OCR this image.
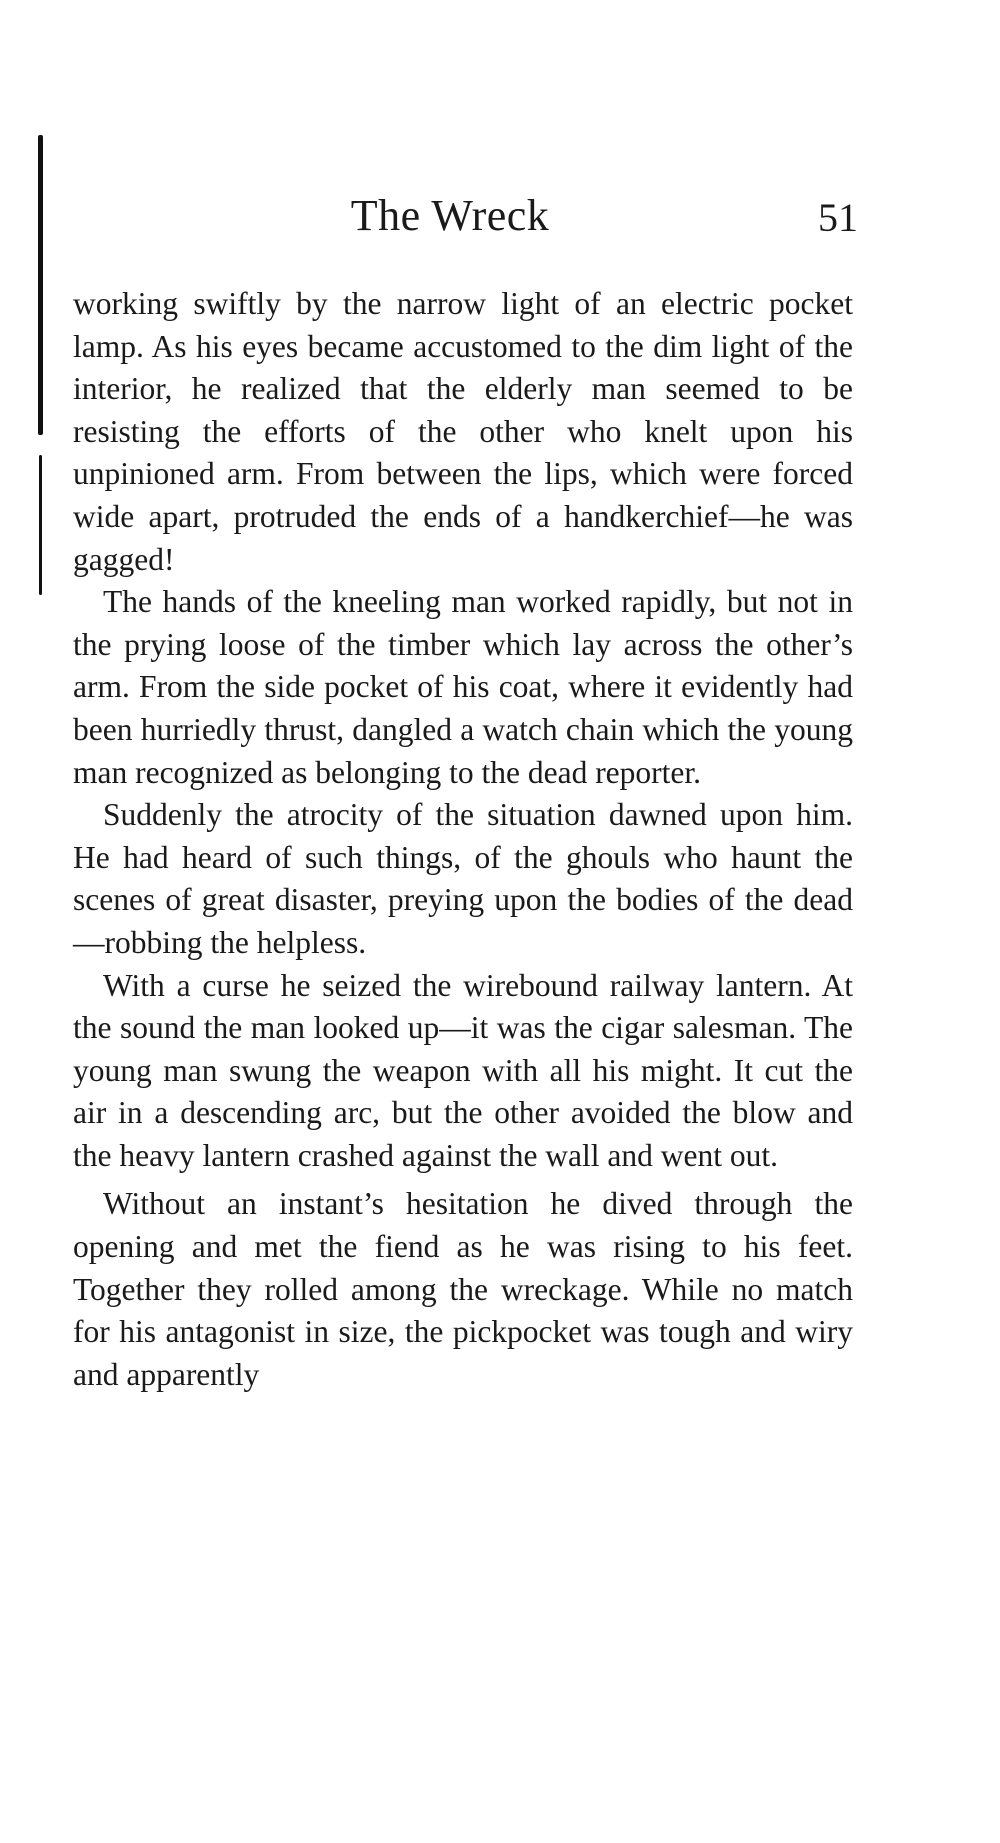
The Wreck	51

working swiftly by the narrow light of an electric pocket lamp. As his eyes became accustomed to the dim light of the interior, he realized that the elderly man seemed to be resisting the efforts of the other who knelt upon his unpinioned arm. From between the lips, which were forced wide apart, protruded the ends of a handkerchief—he was gagged!

The hands of the kneeling man worked rapidly, but not in the prying loose of the timber which lay across the other’s arm. From the side pocket of his coat, where it evidently had been hurriedly thrust, dangled a watch chain which the young man recognized as belonging to the dead reporter.

Suddenly the atrocity of the situation dawned upon him. He had heard of such things, of the ghouls who haunt the scenes of great disaster, preying upon the bodies of the dead—robbing the helpless.

With a curse he seized the wirebound railway lantern. At the sound the man looked up—it was the cigar salesman. The young man swung the weapon with all his might. It cut the air in a descending arc, but the other avoided the blow and the heavy lantern crashed against the wall and went out.

Without an instant’s hesitation he dived through the opening and met the fiend as he was rising to his feet. Together they rolled among the wreckage. While no match for his antagonist in size, the pickpocket was tough and wiry and apparently
